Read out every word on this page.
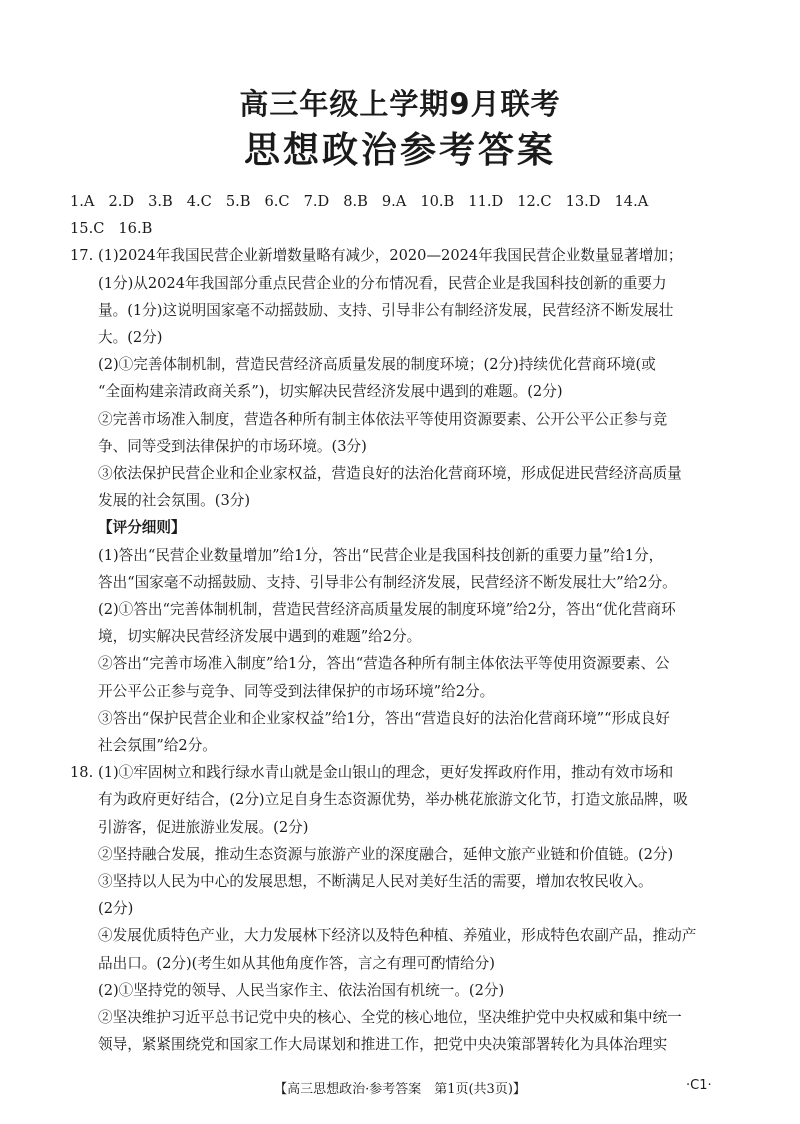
高三年级上学期9月联考
思想政治参考答案
1.A 2.D 3.B 4.C 5.B 6.C 7.D 8.B 9.A 10.B 11.D 12.C 13.D 14.A
15.C 16.B
17. (1)2024年我国民营企业新增数量略有减少，2020—2024年我国民营企业数量显著增加；
(1分)从2024年我国部分重点民营企业的分布情况看，民营企业是我国科技创新的重要力
量。(1分)这说明国家毫不动摇鼓励、支持、引导非公有制经济发展，民营经济不断发展壮
大。(2分)
(2)①完善体制机制，营造民营经济高质量发展的制度环境；(2分)持续优化营商环境(或
“全面构建亲清政商关系”)，切实解决民营经济发展中遇到的难题。(2分)
②完善市场准入制度，营造各种所有制主体依法平等使用资源要素、公开公平公正参与竞
争、同等受到法律保护的市场环境。(3分)
③依法保护民营企业和企业家权益，营造良好的法治化营商环境，形成促进民营经济高质量
发展的社会氛围。(3分)
【评分细则】
(1)答出“民营企业数量增加”给1分，答出“民营企业是我国科技创新的重要力量”给1分，
答出“国家毫不动摇鼓励、支持、引导非公有制经济发展，民营经济不断发展壮大”给2分。
(2)①答出“完善体制机制，营造民营经济高质量发展的制度环境”给2分，答出“优化营商环
境，切实解决民营经济发展中遇到的难题”给2分。
②答出“完善市场准入制度”给1分，答出“营造各种所有制主体依法平等使用资源要素、公
开公平公正参与竞争、同等受到法律保护的市场环境”给2分。
③答出“保护民营企业和企业家权益”给1分，答出“营造良好的法治化营商环境”“形成良好
社会氛围”给2分。
18. (1)①牢固树立和践行绿水青山就是金山银山的理念，更好发挥政府作用，推动有效市场和
有为政府更好结合，(2分)立足自身生态资源优势，举办桃花旅游文化节，打造文旅品牌，吸
引游客，促进旅游业发展。(2分)
②坚持融合发展，推动生态资源与旅游产业的深度融合，延伸文旅产业链和价值链。(2分)
③坚持以人民为中心的发展思想，不断满足人民对美好生活的需要，增加农牧民收入。
(2分)
④发展优质特色产业，大力发展林下经济以及特色种植、养殖业，形成特色农副产品，推动产
品出口。(2分)(考生如从其他角度作答，言之有理可酌情给分)
(2)①坚持党的领导、人民当家作主、依法治国有机统一。(2分)
②坚决维护习近平总书记党中央的核心、全党的核心地位，坚决维护党中央权威和集中统一
领导，紧紧围绕党和国家工作大局谋划和推进工作，把党中央决策部署转化为具体治理实
【高三思想政治·参考答案　第1页(共3页)】	·C1·
